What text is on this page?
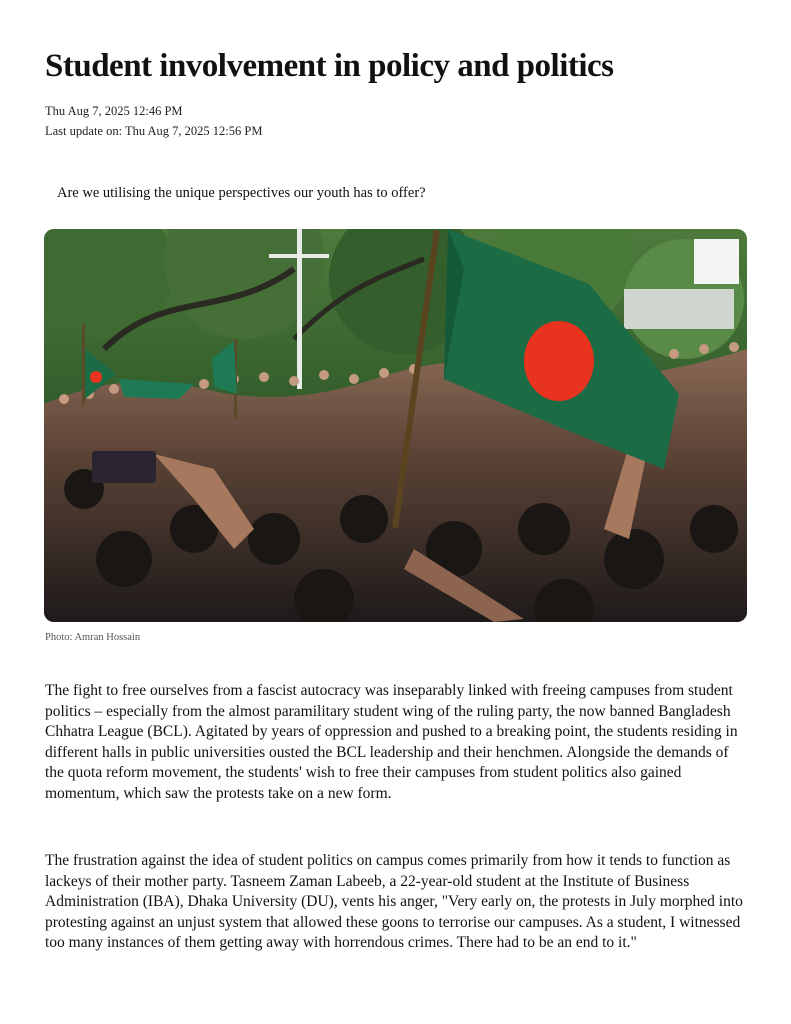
Student involvement in policy and politics
Thu Aug 7, 2025 12:46 PM
Last update on: Thu Aug 7, 2025 12:56 PM
Are we utilising the unique perspectives our youth has to offer?
Photo: Amran Hossain

The fight to free ourselves from a fascist autocracy was inseparably linked with freeing campuses from student politics – especially from the almost paramilitary student wing of the ruling party, the now banned Bangladesh Chhatra League (BCL). Agitated by years of oppression and pushed to a breaking point, the students residing in different halls in public universities ousted the BCL leadership and their henchmen. Alongside the demands of the quota reform movement, the students' wish to free their campuses from student politics also gained momentum, which saw the protests take on a new form.

The frustration against the idea of student politics on campus comes primarily from how it tends to function as lackeys of their mother party. Tasneem Zaman Labeeb, a 22-year-old student at the Institute of Business Administration (IBA), Dhaka University (DU), vents his anger, "Very early on, the protests in July morphed into protesting against an unjust system that allowed these goons to terrorise our campuses. As a student, I witnessed too many instances of them getting away with horrendous crimes. There had to be an end to it."
